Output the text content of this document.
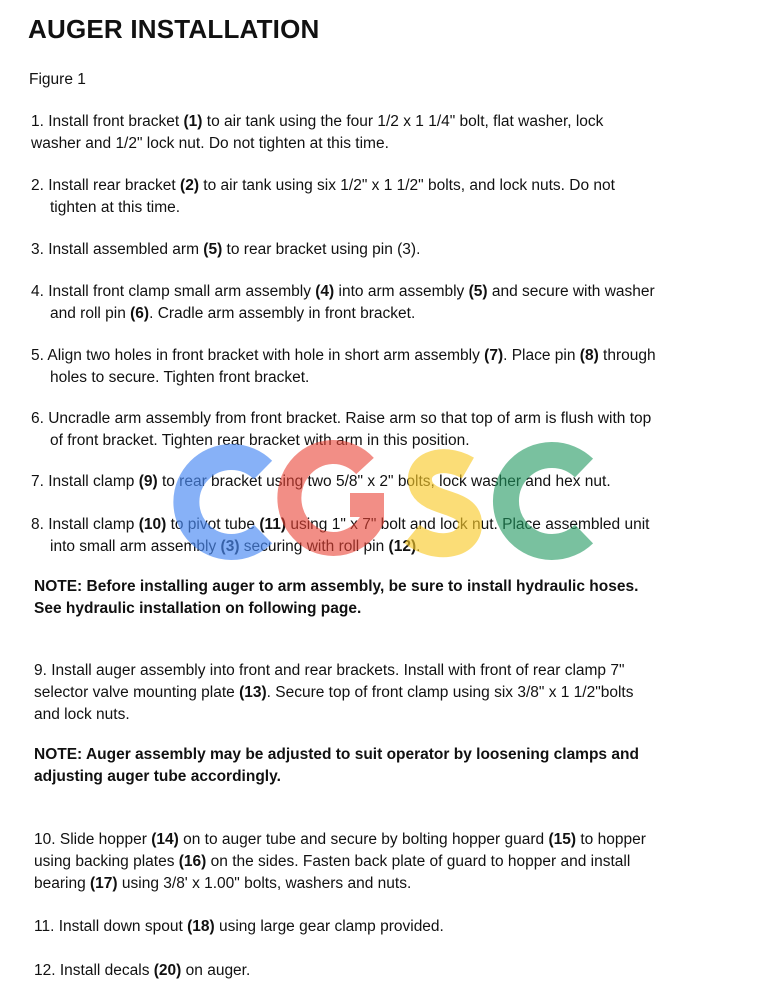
AUGER INSTALLATION

Figure 1

1. Install front bracket (1) to air tank using the four 1/2 x 1 1/4" bolt, flat washer, lock
washer and 1/2" lock nut. Do not tighten at this time.

2. Install rear bracket (2) to air tank using six 1/2" x 1 1/2" bolts, and lock nuts. Do not
tighten at this time.

3. Install assembled arm (5) to rear bracket using pin (3).

4. Install front clamp small arm assembly (4) into arm assembly (5) and secure with washer
and roll pin (6). Cradle arm assembly in front bracket.

5. Align two holes in front bracket with hole in short arm assembly (7). Place pin (8) through
holes to secure. Tighten front bracket.

6. Uncradle arm assembly from front bracket. Raise arm so that top of arm is flush with top
of front bracket. Tighten rear bracket with arm in this position.

7. Install clamp (9) to rear bracket using two 5/8" x 2" bolts, lock washer and hex nut.

8. Install clamp (10) to pivot tube (11) using 1" x 7" bolt and lock nut. Place assembled unit
into small arm assembly (3) securing with roll pin (12).

NOTE: Before installing auger to arm assembly, be sure to install hydraulic hoses.
See hydraulic installation on following page.

9. Install auger assembly into front and rear brackets. Install with front of rear clamp 7"
selector valve mounting plate (13). Secure top of front clamp using six 3/8" x 1 1/2"bolts
and lock nuts.

NOTE: Auger assembly may be adjusted to suit operator by loosening clamps and
adjusting auger tube accordingly.

10. Slide hopper (14) on to auger tube and secure by bolting hopper guard (15) to hopper
using backing plates (16) on the sides. Fasten back plate of guard to hopper and install
bearing (17) using 3/8' x 1.00" bolts, washers and nuts.

11. Install down spout (18) using large gear clamp provided.

12. Install decals (20) on auger.
